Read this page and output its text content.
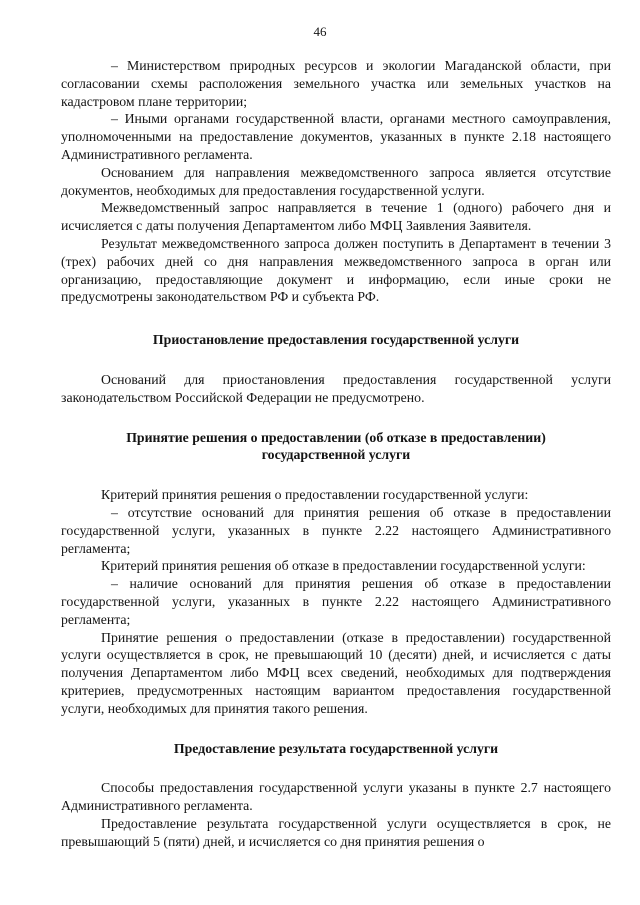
46

– Министерством природных ресурсов и экологии Магаданской области, при согласовании схемы расположения земельного участка или земельных участков на кадастровом плане территории;

– Иными органами государственной власти, органами местного самоуправления, уполномоченными на предоставление документов, указанных в пункте 2.18 настоящего Административного регламента.

Основанием для направления межведомственного запроса является отсутствие документов, необходимых для предоставления государственной услуги.

Межведомственный запрос направляется в течение 1 (одного) рабочего дня и исчисляется с даты получения Департаментом либо МФЦ Заявления Заявителя.

Результат межведомственного запроса должен поступить в Департамент в течении 3 (трех) рабочих дней со дня направления межведомственного запроса в орган или организацию, предоставляющие документ и информацию, если иные сроки не предусмотрены законодательством РФ и субъекта РФ.

Приостановление предоставления государственной услуги

Оснований для приостановления предоставления государственной услуги законодательством Российской Федерации не предусмотрено.

Принятие решения о предоставлении (об отказе в предоставлении)
государственной услуги

Критерий принятия решения о предоставлении государственной услуги:

– отсутствие оснований для принятия решения об отказе в предоставлении государственной услуги, указанных в пункте 2.22 настоящего Административного регламента;

Критерий принятия решения об отказе в предоставлении государственной услуги:

– наличие оснований для принятия решения об отказе в предоставлении государственной услуги, указанных в пункте 2.22 настоящего Административного регламента;

Принятие решения о предоставлении (отказе в предоставлении) государственной услуги осуществляется в срок, не превышающий 10 (десяти) дней, и исчисляется с даты получения Департаментом либо МФЦ всех сведений, необходимых для подтверждения критериев, предусмотренных настоящим вариантом предоставления государственной услуги, необходимых для принятия такого решения.

Предоставление результата государственной услуги

Способы предоставления государственной услуги указаны в пункте 2.7 настоящего Административного регламента.

Предоставление результата государственной услуги осуществляется в срок, не превышающий 5 (пяти) дней, и исчисляется со дня принятия решения о
